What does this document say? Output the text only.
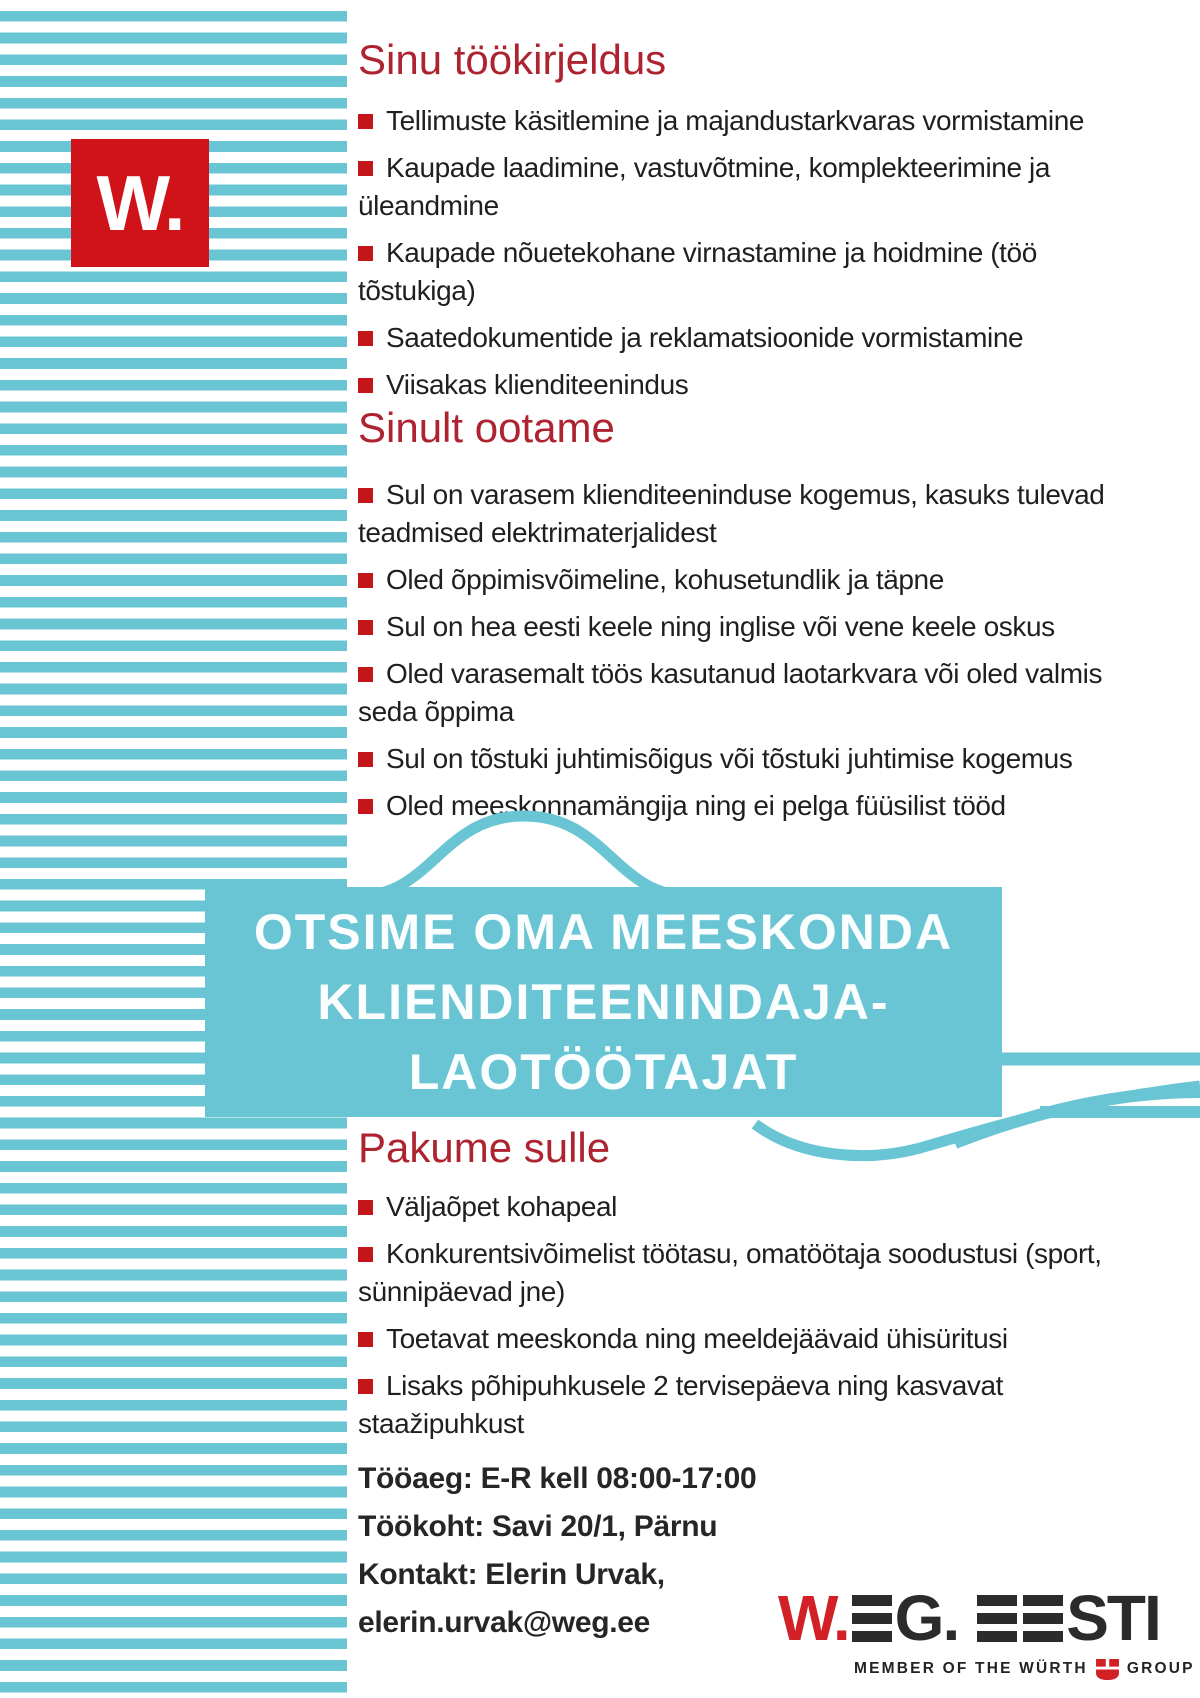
W.
Sinu töökirjeldus

Tellimuste käsitlemine ja majandustarkvaras vormistamine

Kaupade laadimine, vastuvõtmine, komplekteerimine ja üleandmine

Kaupade nõuetekohane virnastamine ja hoidmine (töö tõstukiga)

Saatedokumentide ja reklamatsioonide vormistamine

Viisakas klienditeenindus

Sinult ootame

Sul on varasem klienditeeninduse kogemus, kasuks tulevad teadmised elektrimaterjalidest

Oled õppimisvõimeline, kohusetundlik ja täpne

Sul on hea eesti keele ning inglise või vene keele oskus

Oled varasemalt töös kasutanud laotarkvara või oled valmis seda õppima

Sul on tõstuki juhtimisõigus või tõstuki juhtimise kogemus

Oled meeskonnamängija ning ei pelga füüsilist tööd

OTSIME OMA MEESKONDA
KLIENDITEENINDAJA-
LAOTÖÖTAJAT
Pakume sulle

Väljaõpet kohapeal

Konkurentsivõimelist töötasu, omatöötaja soodustusi (sport, sünnipäevad jne)

Toetavat meeskonda ning meeldejäävaid ühisüritusi

Lisaks põhipuhkusele 2 tervisepäeva ning kasvavat staažipuhkust

Tööaeg: E-R kell 08:00-17:00
Töökoht: Savi 20/1, Pärnu
Kontakt: Elerin Urvak,
elerin.urvak@weg.ee	W. G. STI
MEMBER OF THE WÜRTH	GROUP
